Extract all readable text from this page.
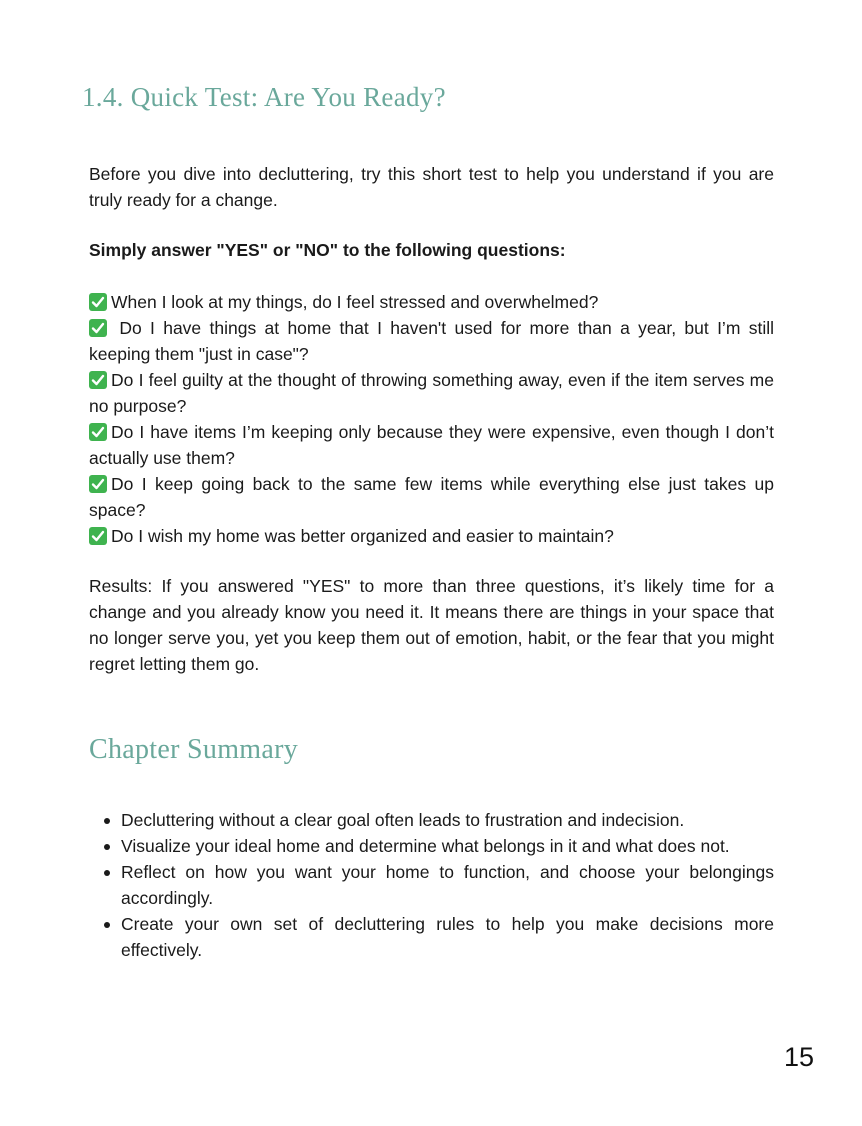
1.4. Quick Test: Are You Ready?

Before you dive into decluttering, try this short test to help you understand if you are truly ready for a change.

Simply answer "YES" or "NO" to the following questions:

When I look at my things, do I feel stressed and overwhelmed?
Do I have things at home that I haven't used for more than a year, but I’m still keeping them "just in case"?
Do I feel guilty at the thought of throwing something away, even if the item serves me no purpose?
Do I have items I’m keeping only because they were expensive, even though I don’t actually use them?
Do I keep going back to the same few items while everything else just takes up space?
Do I wish my home was better organized and easier to maintain?

Results: If you answered "YES" to more than three questions, it’s likely time for a change and you already know you need it. It means there are things in your space that no longer serve you, yet you keep them out of emotion, habit, or the fear that you might regret letting them go.

Chapter Summary
Decluttering without a clear goal often leads to frustration and indecision.
Visualize your ideal home and determine what belongs in it and what does not.
Reflect on how you want your home to function, and choose your belongings accordingly.
Create your own set of decluttering rules to help you make decisions more effectively.
15
